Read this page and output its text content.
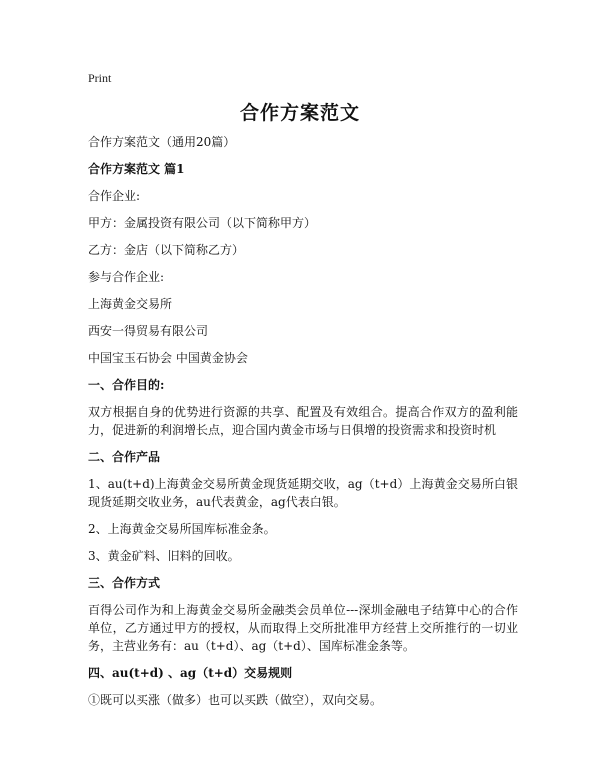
Print
合作方案范文

合作方案范文（通用20篇）

合作方案范文 篇1

合作企业:

甲方：金属投资有限公司（以下简称甲方）

乙方：金店（以下简称乙方）

参与合作企业:

上海黄金交易所

西安一得贸易有限公司

中国宝玉石协会 中国黄金协会

一、合作目的:

双方根据自身的优势进行资源的共享、配置及有效组合。提高合作双方的盈利能力，促进新的利润增长点，迎合国内黄金市场与日俱增的投资需求和投资时机

二、合作产品

1、au(t+d)上海黄金交易所黄金现货延期交收，ag（t+d）上海黄金交易所白银现货延期交收业务，au代表黄金，ag代表白银。

2、上海黄金交易所国库标准金条。

3、黄金矿料、旧料的回收。

三、合作方式

百得公司作为和上海黄金交易所金融类会员单位---深圳金融电子结算中心的合作单位，乙方通过甲方的授权，从而取得上交所批准甲方经营上交所推行的一切业务，主营业务有：au（t+d）、ag（t+d）、国库标准金条等。

四、au(t+d) 、ag（t+d）交易规则

①既可以买涨（做多）也可以买跌（做空），双向交易。
